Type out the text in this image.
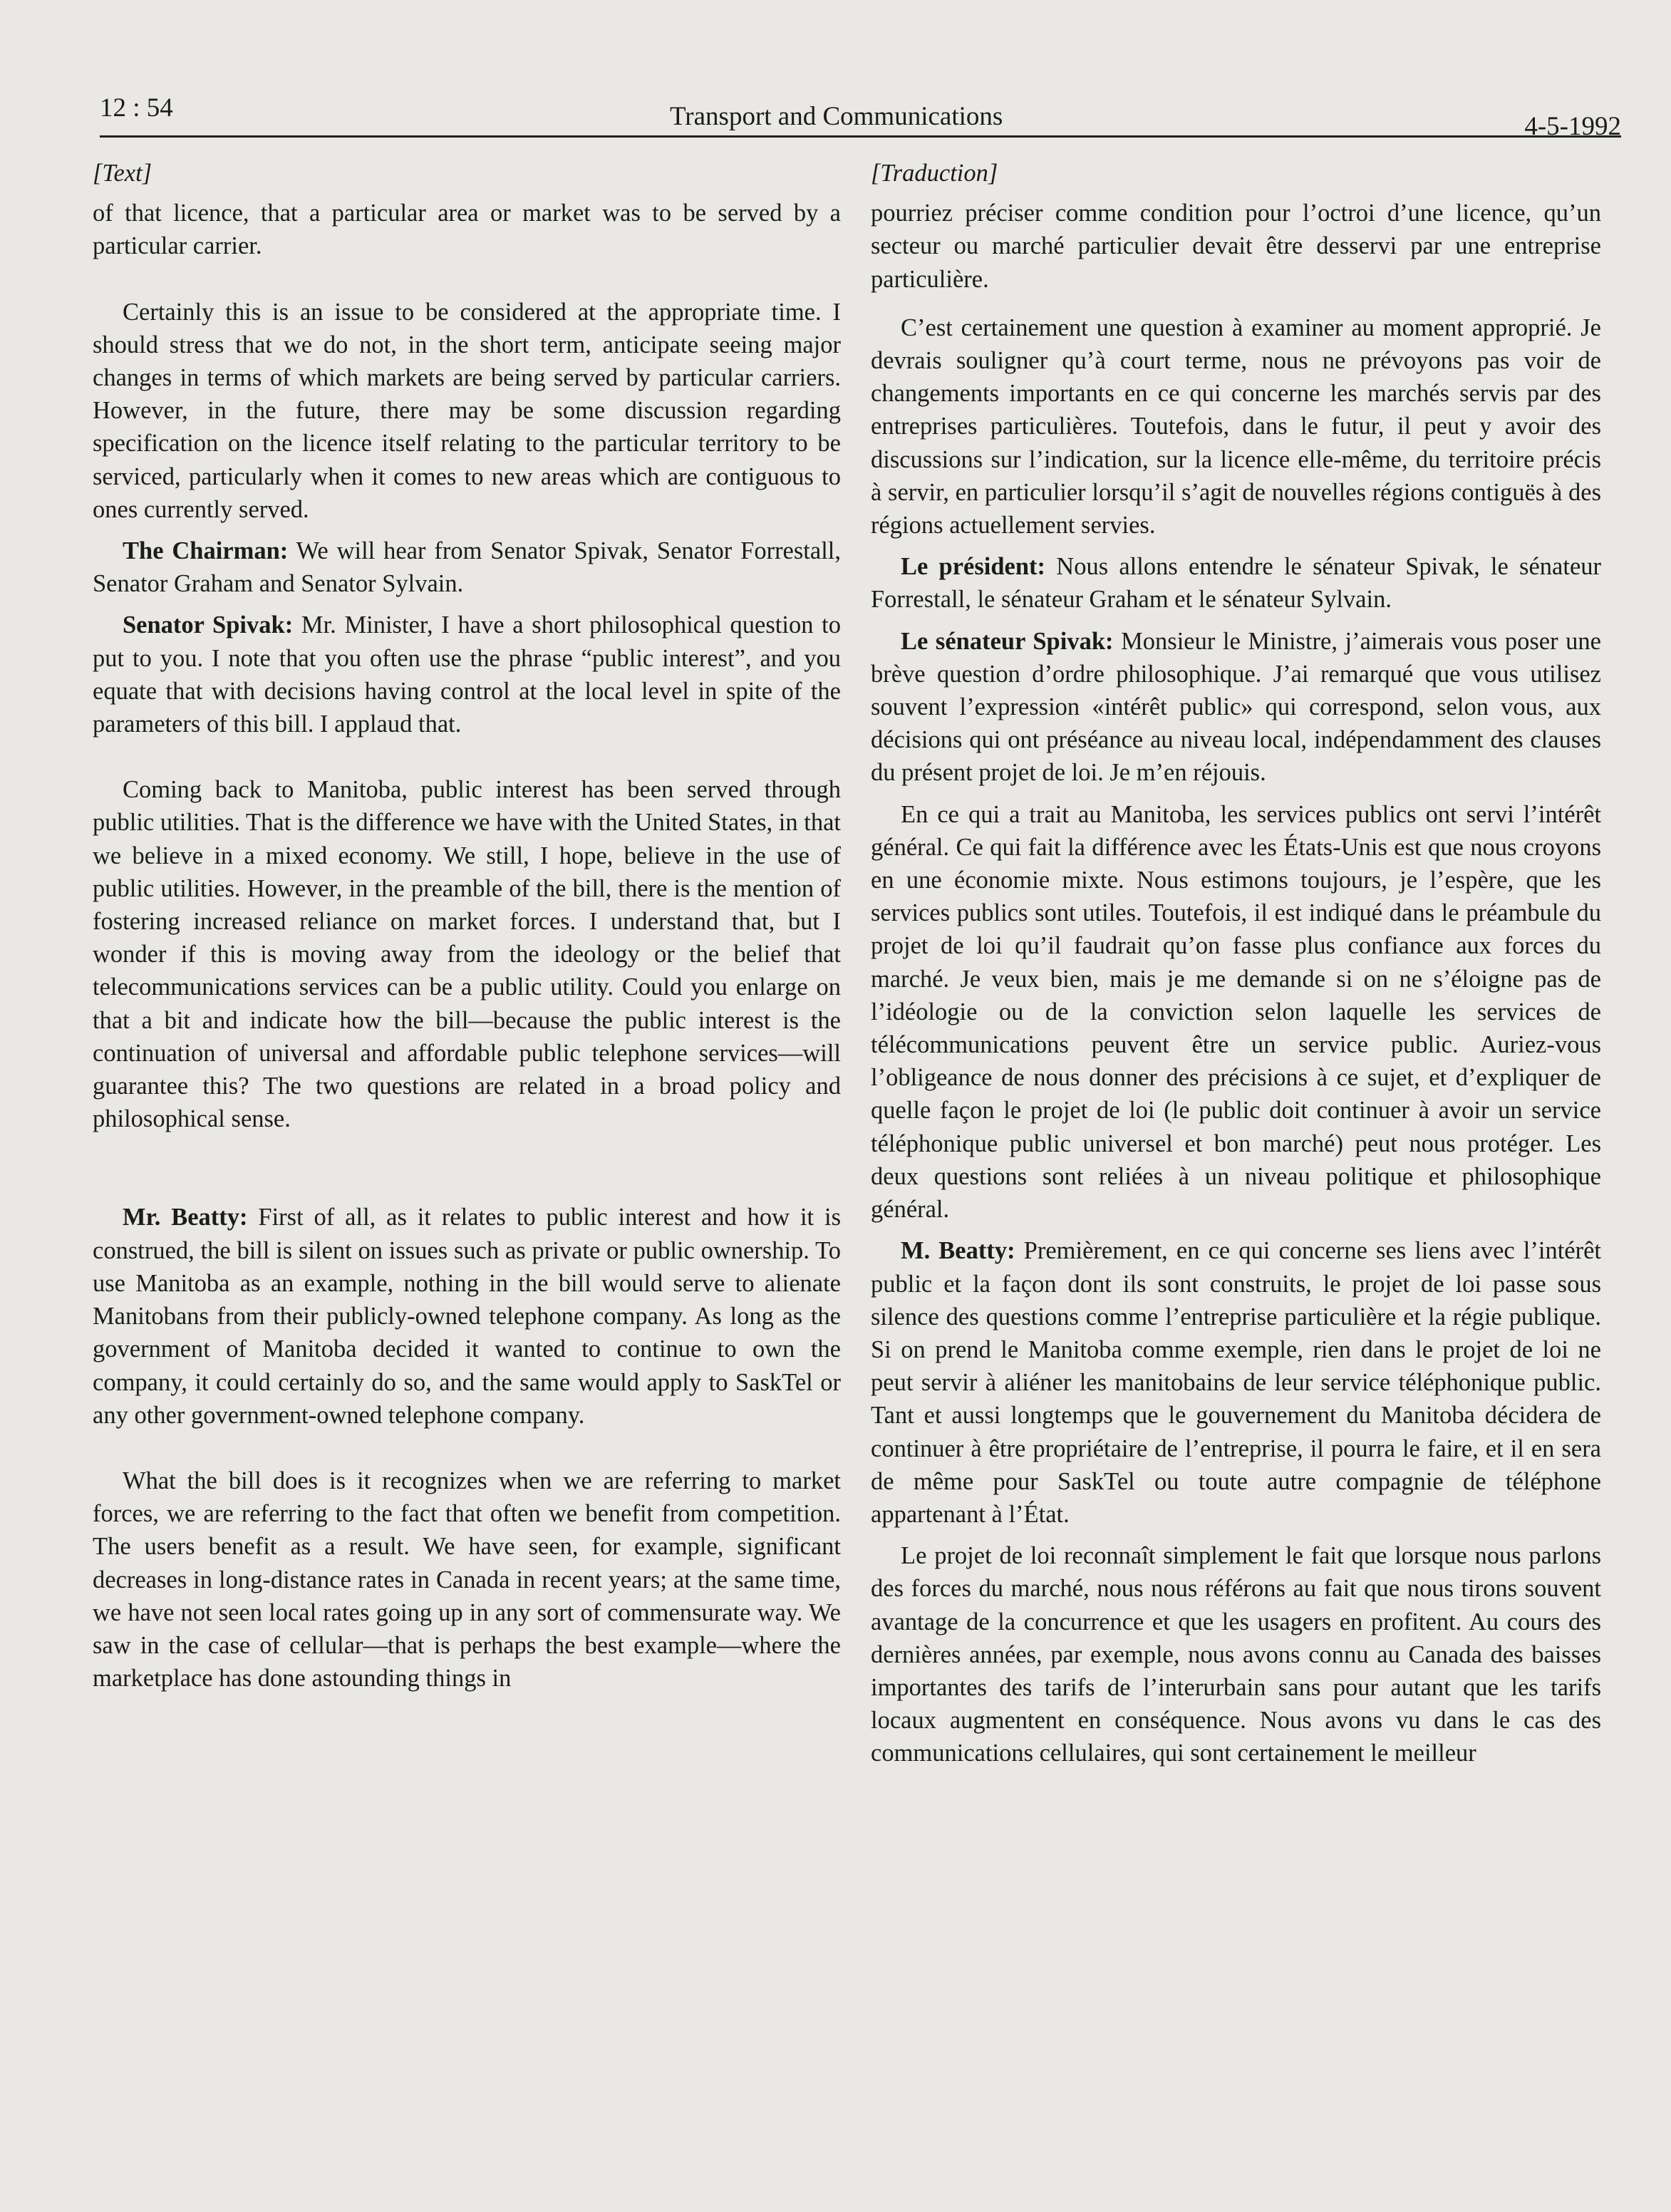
12 : 54	Transport and Communications	4-5-1992

[Text]

of that licence, that a particular area or market was to be served by a particular carrier.

Certainly this is an issue to be considered at the appropriate time. I should stress that we do not, in the short term, anticipate seeing major changes in terms of which markets are being served by particular carriers. However, in the future, there may be some discussion regarding specification on the licence itself relating to the particular territory to be serviced, particularly when it comes to new areas which are contiguous to ones currently served.

The Chairman: We will hear from Senator Spivak, Senator Forrestall, Senator Graham and Senator Sylvain.

Senator Spivak: Mr. Minister, I have a short philosophical question to put to you. I note that you often use the phrase “public interest”, and you equate that with decisions having control at the local level in spite of the parameters of this bill. I applaud that.

Coming back to Manitoba, public interest has been served through public utilities. That is the difference we have with the United States, in that we believe in a mixed economy. We still, I hope, believe in the use of public utilities. However, in the preamble of the bill, there is the mention of fostering increased reliance on market forces. I understand that, but I wonder if this is moving away from the ideology or the belief that telecommunications services can be a public utility. Could you enlarge on that a bit and indicate how the bill—because the public interest is the continuation of universal and affordable public telephone services—will guarantee this? The two questions are related in a broad policy and philosophical sense.

Mr. Beatty: First of all, as it relates to public interest and how it is construed, the bill is silent on issues such as private or public ownership. To use Manitoba as an example, nothing in the bill would serve to alienate Manitobans from their publicly-owned telephone company. As long as the government of Manitoba decided it wanted to continue to own the company, it could certainly do so, and the same would apply to SaskTel or any other government-owned telephone company.

What the bill does is it recognizes when we are referring to market forces, we are referring to the fact that often we benefit from competition. The users benefit as a result. We have seen, for example, significant decreases in long-distance rates in Canada in recent years; at the same time, we have not seen local rates going up in any sort of commensurate way. We saw in the case of cellular—that is perhaps the best example—where the marketplace has done astounding things in

[Traduction]

pourriez préciser comme condition pour l’octroi d’une licence, qu’un secteur ou marché particulier devait être desservi par une entreprise particulière.

C’est certainement une question à examiner au moment approprié. Je devrais souligner qu’à court terme, nous ne prévoyons pas voir de changements importants en ce qui concerne les marchés servis par des entreprises particulières. Toutefois, dans le futur, il peut y avoir des discussions sur l’indication, sur la licence elle-même, du territoire précis à servir, en particulier lorsqu’il s’agit de nouvelles régions contiguës à des régions actuellement servies.

Le président: Nous allons entendre le sénateur Spivak, le sénateur Forrestall, le sénateur Graham et le sénateur Sylvain.

Le sénateur Spivak: Monsieur le Ministre, j’aimerais vous poser une brève question d’ordre philosophique. J’ai remarqué que vous utilisez souvent l’expression «intérêt public» qui correspond, selon vous, aux décisions qui ont préséance au niveau local, indépendamment des clauses du présent projet de loi. Je m’en réjouis.

En ce qui a trait au Manitoba, les services publics ont servi l’intérêt général. Ce qui fait la différence avec les États-Unis est que nous croyons en une économie mixte. Nous estimons toujours, je l’espère, que les services publics sont utiles. Toutefois, il est indiqué dans le préambule du projet de loi qu’il faudrait qu’on fasse plus confiance aux forces du marché. Je veux bien, mais je me demande si on ne s’éloigne pas de l’idéologie ou de la conviction selon laquelle les services de télécommunications peuvent être un service public. Auriez-vous l’obligeance de nous donner des précisions à ce sujet, et d’expliquer de quelle façon le projet de loi (le public doit continuer à avoir un service téléphonique public universel et bon marché) peut nous protéger. Les deux questions sont reliées à un niveau politique et philosophique général.

M. Beatty: Premièrement, en ce qui concerne ses liens avec l’intérêt public et la façon dont ils sont construits, le projet de loi passe sous silence des questions comme l’entreprise particulière et la régie publique. Si on prend le Manitoba comme exemple, rien dans le projet de loi ne peut servir à aliéner les manitobains de leur service téléphonique public. Tant et aussi longtemps que le gouvernement du Manitoba décidera de continuer à être propriétaire de l’entreprise, il pourra le faire, et il en sera de même pour SaskTel ou toute autre compagnie de téléphone appartenant à l’État.

Le projet de loi reconnaît simplement le fait que lorsque nous parlons des forces du marché, nous nous référons au fait que nous tirons souvent avantage de la concurrence et que les usagers en profitent. Au cours des dernières années, par exemple, nous avons connu au Canada des baisses importantes des tarifs de l’interurbain sans pour autant que les tarifs locaux augmentent en conséquence. Nous avons vu dans le cas des communications cellulaires, qui sont certainement le meilleur
